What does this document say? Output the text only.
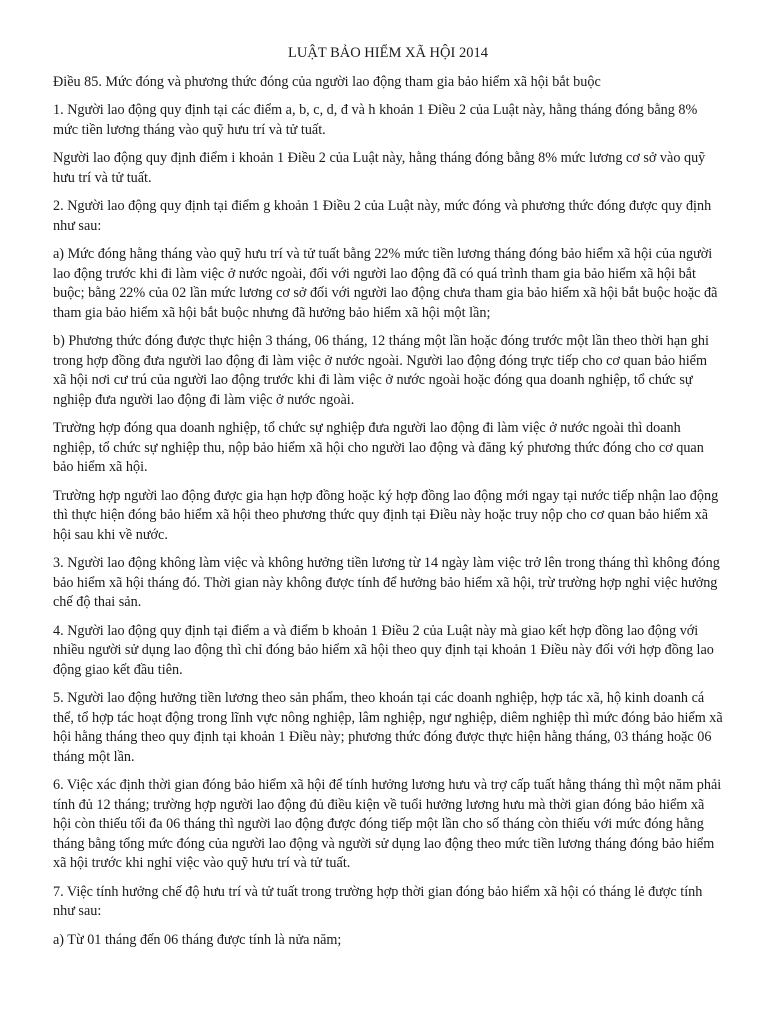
LUẬT BẢO HIỂM XÃ HỘI 2014

Điều 85. Mức đóng và phương thức đóng của người lao động tham gia bảo hiểm xã hội bắt buộc

1. Người lao động quy định tại các điểm a, b, c, d, đ và h khoản 1 Điều 2 của Luật này, hằng tháng đóng bằng 8% mức tiền lương tháng vào quỹ hưu trí và tử tuất.

Người lao động quy định điểm i khoản 1 Điều 2 của Luật này, hằng tháng đóng bằng 8% mức lương cơ sở vào quỹ hưu trí và tử tuất.

2. Người lao động quy định tại điểm g khoản 1 Điều 2 của Luật này, mức đóng và phương thức đóng được quy định như sau:

a) Mức đóng hằng tháng vào quỹ hưu trí và tử tuất bằng 22% mức tiền lương tháng đóng bảo hiểm xã hội của người lao động trước khi đi làm việc ở nước ngoài, đối với người lao động đã có quá trình tham gia bảo hiểm xã hội bắt buộc; bằng 22% của 02 lần mức lương cơ sở đối với người lao động chưa tham gia bảo hiểm xã hội bắt buộc hoặc đã tham gia bảo hiểm xã hội bắt buộc nhưng đã hưởng bảo hiểm xã hội một lần;

b) Phương thức đóng được thực hiện 3 tháng, 06 tháng, 12 tháng một lần hoặc đóng trước một lần theo thời hạn ghi trong hợp đồng đưa người lao động đi làm việc ở nước ngoài. Người lao động đóng trực tiếp cho cơ quan bảo hiểm xã hội nơi cư trú của người lao động trước khi đi làm việc ở nước ngoài hoặc đóng qua doanh nghiệp, tổ chức sự nghiệp đưa người lao động đi làm việc ở nước ngoài.

Trường hợp đóng qua doanh nghiệp, tổ chức sự nghiệp đưa người lao động đi làm việc ở nước ngoài thì doanh nghiệp, tổ chức sự nghiệp thu, nộp bảo hiểm xã hội cho người lao động và đăng ký phương thức đóng cho cơ quan bảo hiểm xã hội.

Trường hợp người lao động được gia hạn hợp đồng hoặc ký hợp đồng lao động mới ngay tại nước tiếp nhận lao động thì thực hiện đóng bảo hiểm xã hội theo phương thức quy định tại Điều này hoặc truy nộp cho cơ quan bảo hiểm xã hội sau khi về nước.

3. Người lao động không làm việc và không hưởng tiền lương từ 14 ngày làm việc trở lên trong tháng thì không đóng bảo hiểm xã hội tháng đó. Thời gian này không được tính để hưởng bảo hiểm xã hội, trừ trường hợp nghỉ việc hưởng chế độ thai sản.

4. Người lao động quy định tại điểm a và điểm b khoản 1 Điều 2 của Luật này mà giao kết hợp đồng lao động với nhiều người sử dụng lao động thì chỉ đóng bảo hiểm xã hội theo quy định tại khoản 1 Điều này đối với hợp đồng lao động giao kết đầu tiên.

5. Người lao động hưởng tiền lương theo sản phẩm, theo khoán tại các doanh nghiệp, hợp tác xã, hộ kinh doanh cá thể, tổ hợp tác hoạt động trong lĩnh vực nông nghiệp, lâm nghiệp, ngư nghiệp, diêm nghiệp thì mức đóng bảo hiểm xã hội hằng tháng theo quy định tại khoản 1 Điều này; phương thức đóng được thực hiện hằng tháng, 03 tháng hoặc 06 tháng một lần.

6. Việc xác định thời gian đóng bảo hiểm xã hội để tính hưởng lương hưu và trợ cấp tuất hằng tháng thì một năm phải tính đủ 12 tháng; trường hợp người lao động đủ điều kiện về tuổi hưởng lương hưu mà thời gian đóng bảo hiểm xã hội còn thiếu tối đa 06 tháng thì người lao động được đóng tiếp một lần cho số tháng còn thiếu với mức đóng hằng tháng bằng tổng mức đóng của người lao động và người sử dụng lao động theo mức tiền lương tháng đóng bảo hiểm xã hội trước khi nghỉ việc vào quỹ hưu trí và tử tuất.

7. Việc tính hưởng chế độ hưu trí và tử tuất trong trường hợp thời gian đóng bảo hiểm xã hội có tháng lẻ được tính như sau:

a) Từ 01 tháng đến 06 tháng được tính là nửa năm;
